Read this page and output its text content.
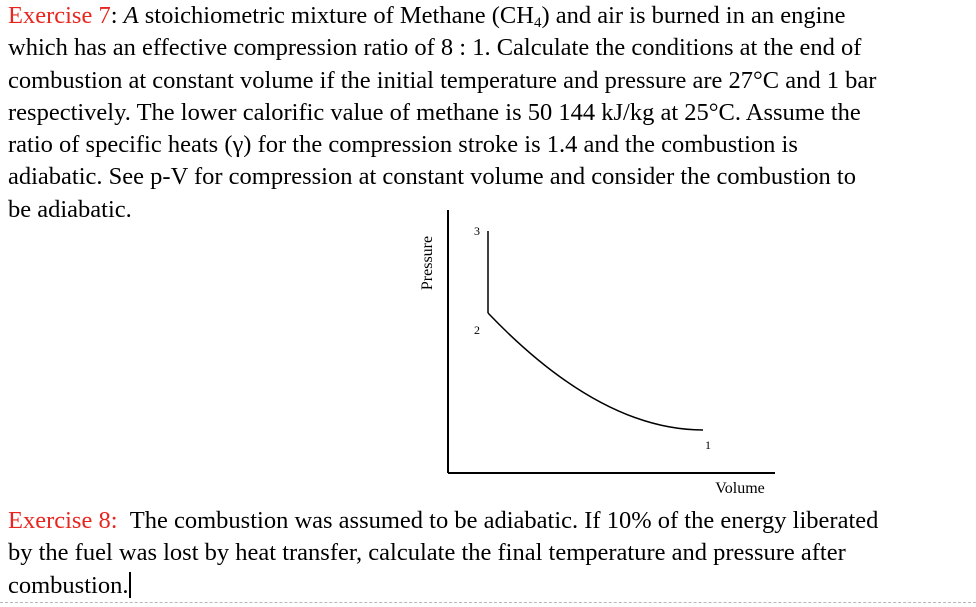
Exercise 7: A stoichiometric mixture of Methane $(CH_4)$ and air is burned in an engine
which has an effective compression ratio of 8 : 1. Calculate the conditions at the end of
combustion at constant volume if the initial temperature and pressure are 27°C and 1 bar
respectively. The lower calorific value of methane is 50 144 kJ/kg at 25°C. Assume the
ratio of specific heats (γ) for the compression stroke is 1.4 and the combustion is
adiabatic. See p-V for compression at constant volume and consider the combustion to
be adiabatic.
Pressure
Volume
3
2
1
Exercise 8: The combustion was assumed to be adiabatic. If 10% of the energy liberated
by the fuel was lost by heat transfer, calculate the final temperature and pressure after
combustion.
